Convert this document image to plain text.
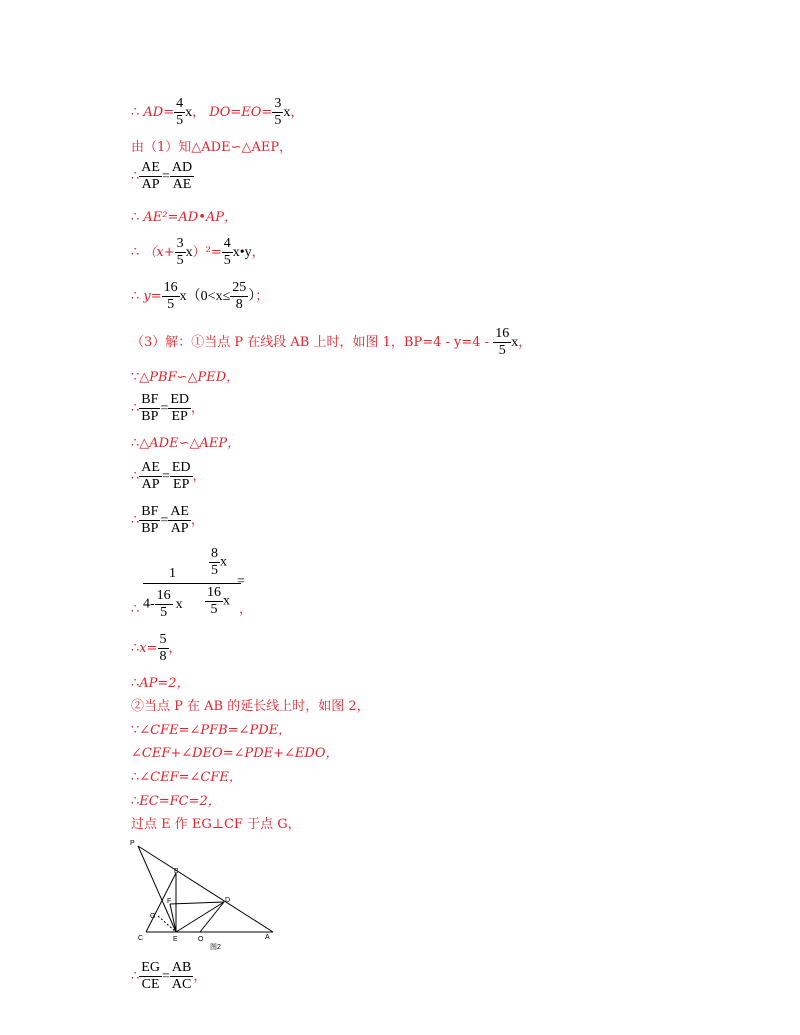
∴ $AD= \frac{4}{5}$ x， $DO=EO= \frac{3}{5}$ x，
由（1）知△ADE∽△AEP，
∴ $\frac{AE}{AP} = \frac{AD}{AE}$
∴ AE²=AD•AP，
∴ $(x+ \frac{3}{5} x)^2= \frac{4}{5}$ x•y，
∴ $y= \frac{16}{5} x(0<x\le \frac{25}{8}$ ）；
（3）解：①当点 P 在线段 AB 上时，如图 1，$BP=4 - y=4 - \frac{16}{5}$ x，
∵△PBF∽△PED，
∴ $\frac{BF}{BP} = \frac{ED}{EP}$ ，
∴△ADE∽△AEP，
∴ $\frac{AE}{AP} = \frac{ED}{EP}$ ，
∴ $\frac{BF}{BP} = \frac{AE}{AP}$ ，
∴
1
$4- \frac{16}{5}$ x
=
$\frac{8}{5}$ x
$\frac{16}{5}$ x
，
∴x= $\frac{5}{8}$ ，
∴AP=2，
②当点 P 在 AB 的延长线上时，如图 2，
∵∠CFE=∠PFB=∠PDE，
∠CEF+∠DEO=∠PDE+∠EDO，
∴∠CEF=∠CFE，
∴EC=FC=2，
过点 E 作 EG⊥CF 于点 G，
P
B
F
G
D
C	E	O	A
图2
∴ $\frac{EG}{CE} = \frac{AB}{AC}$ ，
